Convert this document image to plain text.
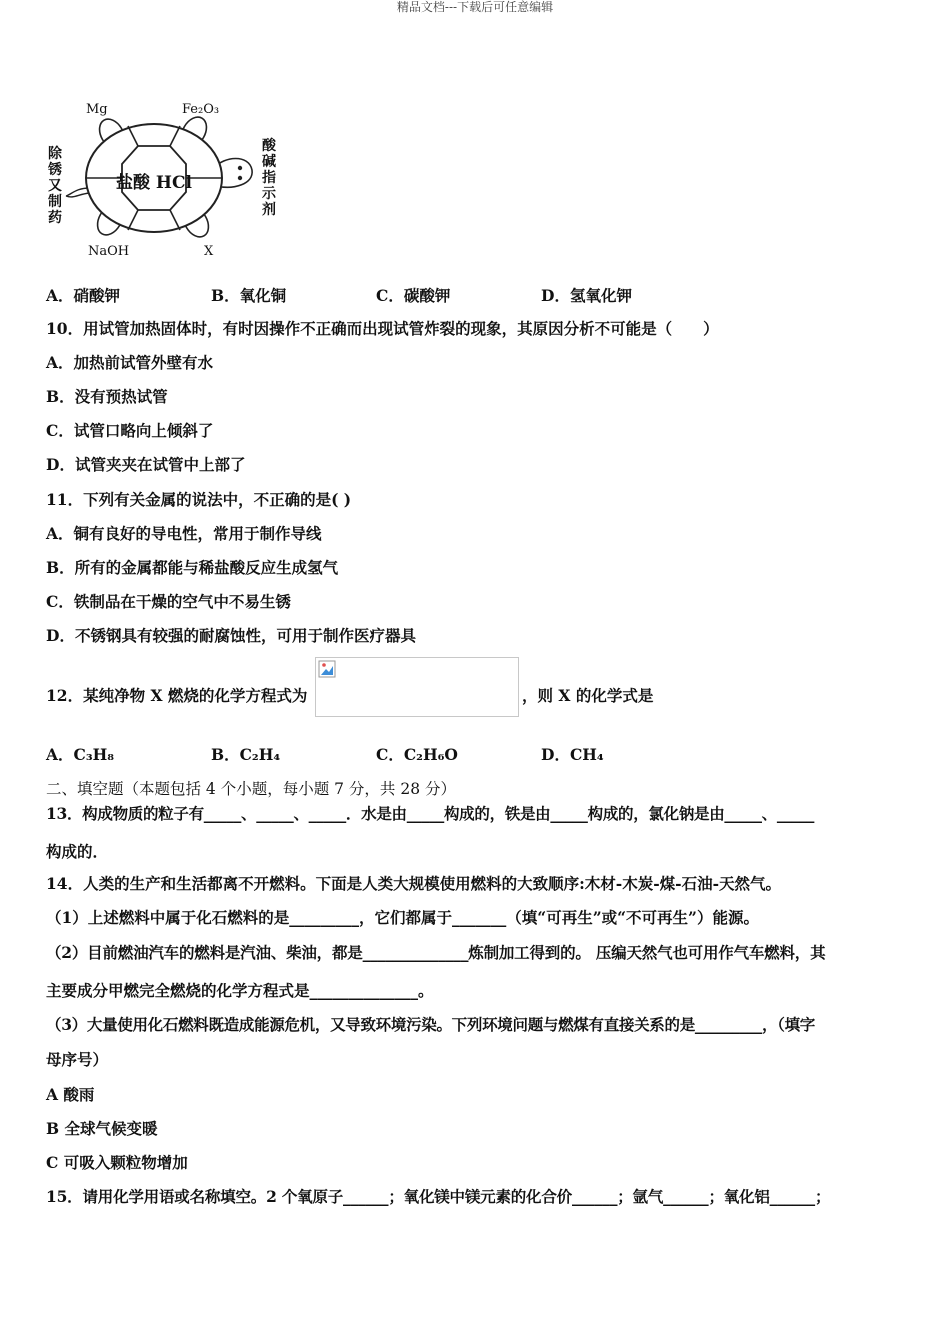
精品文档---下载后可任意编辑
Mg	Fe₂O₃
除锈又制药
酸碱指示剂
盐酸 HCl
NaOH	X
A．硝酸钾	B．氧化铜	C．碳酸钾	D．氢氧化钾
10．用试管加热固体时，有时因操作不正确而出现试管炸裂的现象，其原因分析不可能是（　　）
A．加热前试管外壁有水
B．没有预热试管
C．试管口略向上倾斜了
D．试管夹夹在试管中上部了
11．下列有关金属的说法中，不正确的是( )
A．铜有良好的导电性，常用于制作导线
B．所有的金属都能与稀盐酸反应生成氢气
C．铁制品在干燥的空气中不易生锈
D．不锈钢具有较强的耐腐蚀性，可用于制作医疗器具
12．某纯净物 X 燃烧的化学方程式为	，则 X 的化学式是
A．C₃H₈	B．C₂H₄	C．C₂H₆O	D．CH₄
二、填空题（本题包括 4 个小题，每小题 7 分，共 28 分）
13．构成物质的粒子有_____、_____、_____．水是由_____构成的，铁是由_____构成的，氯化钠是由_____、_____
构成的．
14．人类的生产和生活都离不开燃料。下面是人类大规模使用燃料的大致顺序:木材-木炭-煤-石油-天然气。
（1）上述燃料中属于化石燃料的是_________，它们都属于_______（填“可再生”或“不可再生”）能源。
（2）目前燃油汽车的燃料是汽油、柴油，都是______________炼制加工得到的。 压编天然气也可用作气车燃料，其
主要成分甲燃完全燃烧的化学方程式是______________。
（3）大量使用化石燃料既造成能源危机，又导致环境污染。下列环境问题与燃煤有直接关系的是_________，（填字
母序号）
A 酸雨
B 全球气候变暖
C 可吸入颗粒物增加
15．请用化学用语或名称填空。2 个氧原子______；氧化镁中镁元素的化合价______；氩气______；氧化铝______；
